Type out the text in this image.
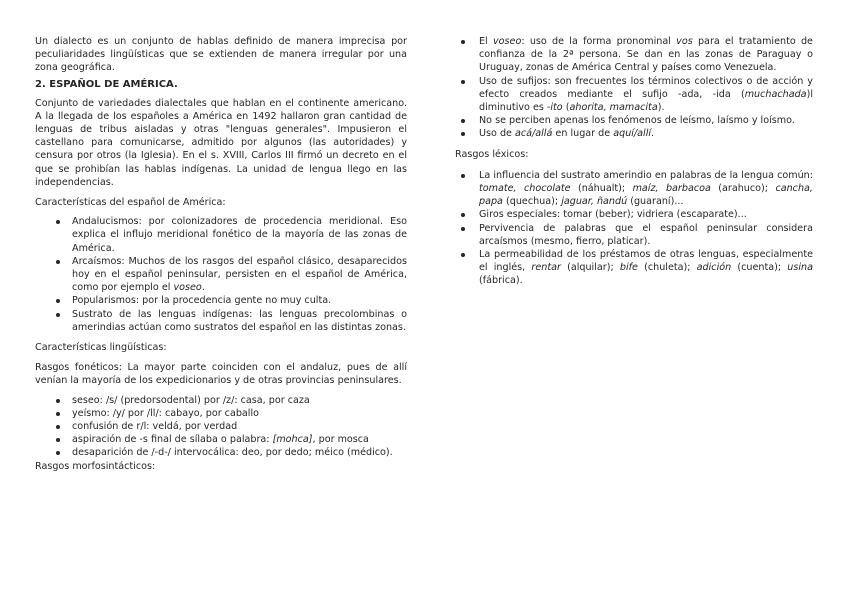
Un dialecto es un conjunto de hablas definido de manera imprecisa por peculiaridades lingüísticas que se extienden de manera irregular por una zona geográfica.

2. ESPAÑOL DE AMÉRICA.

Conjunto de variedades dialectales que hablan en el continente americano. A la llegada de los españoles a América en 1492 hallaron gran cantidad de lenguas de tribus aisladas y otras "lenguas generales". Impusieron el castellano para comunicarse, admitido por algunos (las autoridades) y censura por otros (la Iglesia). En el s. XVIII, Carlos III firmó un decreto en el que se prohibían las hablas indígenas. La unidad de lengua llego en las independencias.

Características del español de América:

Andalucismos: por colonizadores de procedencia meridional. Eso explica el influjo meridional fonético de la mayoría de las zonas de América.
Arcaísmos: Muchos de los rasgos del español clásico, desaparecidos hoy en el español peninsular, persisten en el español de América, como por ejemplo el voseo.
Popularismos: por la procedencia gente no muy culta.
Sustrato de las lenguas indígenas: las lenguas precolombinas o amerindias actúan como sustratos del español en las distintas zonas.

Características lingüísticas:

Rasgos fonéticos: La mayor parte coinciden con el andaluz, pues de allí venían la mayoría de los expedicionarios y de otras provincias peninsulares.

seseo: /s/ (predorsodental) por /z/: casa, por caza
yeísmo: /y/ por /ll/: cabayo, por caballo
confusión de r/l: veldá, por verdad
aspiración de -s final de sílaba o palabra: [mohca], por mosca
desaparición de /-d-/ intervocálica: deo, por dedo; méico (médico).

Rasgos morfosintácticos:

El voseo: uso de la forma pronominal vos para el tratamiento de confianza de la 2ª persona. Se dan en las zonas de Paraguay o Uruguay, zonas de América Central y países como Venezuela.
Uso de sufijos: son frecuentes los términos colectivos o de acción y efecto creados mediante el sufijo -ada, -ida (muchachada)l diminutivo es -ito (ahorita, mamacita).
No se perciben apenas los fenómenos de leísmo, laísmo y loísmo.
Uso de acá/allá en lugar de aquí/allí.

Rasgos léxicos:

La influencia del sustrato amerindio en palabras de la lengua común: tomate, chocolate (náhualt); maíz, barbacoa (arahuco); cancha, papa (quechua); jaguar, ñandú (guaraní)...
Giros especiales: tomar (beber); vidriera (escaparate)...
Pervivencia de palabras que el español peninsular considera arcaísmos (mesmo, fierro, platicar).
La permeabilidad de los préstamos de otras lenguas, especialmente el inglés, rentar (alquilar); bife (chuleta); adición (cuenta); usina (fábrica).
